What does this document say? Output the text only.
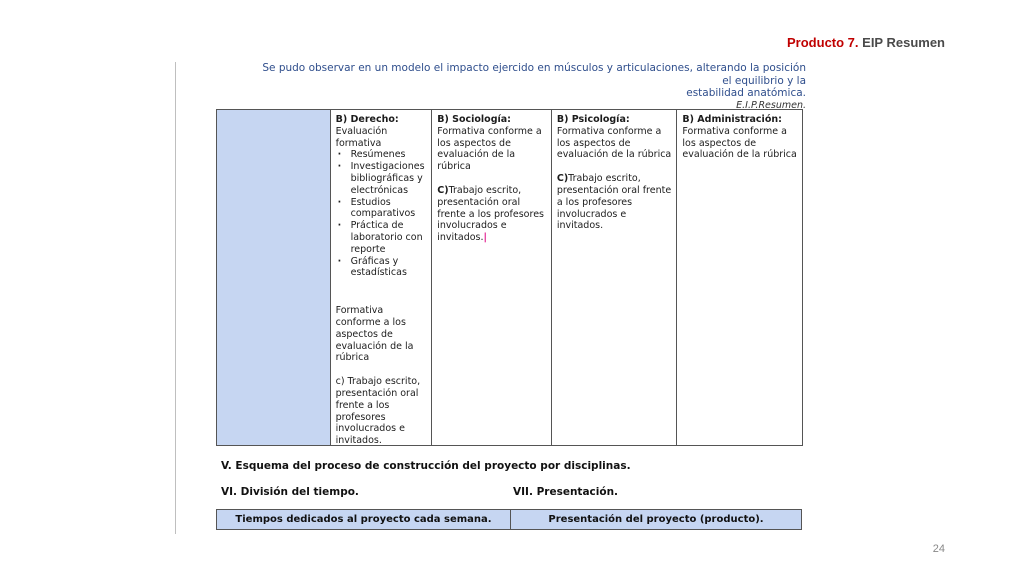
Producto 7. EIP Resumen
Se pudo observar en un modelo el impacto ejercido en músculos y articulaciones, alterando la posición el equilibrio y la
estabilidad anatómica.
E.I.P.Resumen.
B) Derecho:

Evaluación formativa

· Resúmenes
· Investigaciones bibliográficas y electrónicas
· Estudios comparativos
· Práctica de laboratorio con reporte
· Gráficas y estadísticas

Formativa conforme a los aspectos de evaluación de la rúbrica

c) Trabajo escrito, presentación oral frente a los profesores involucrados e invitados.

B) Sociología:

Formativa conforme a los aspectos de evaluación de la rúbrica

C)Trabajo escrito, presentación oral frente a los profesores involucrados e invitados.|

B) Psicología:

Formativa conforme a los aspectos de evaluación de la rúbrica

C)Trabajo escrito, presentación oral frente a los profesores involucrados e invitados.

B) Administración:

Formativa conforme a los aspectos de evaluación de la rúbrica

V. Esquema del proceso de construcción del proyecto por disciplinas.
VI. División del tiempo.	VII. Presentación.
Tiempos dedicados al proyecto cada semana.	Presentación del proyecto (producto).
24
